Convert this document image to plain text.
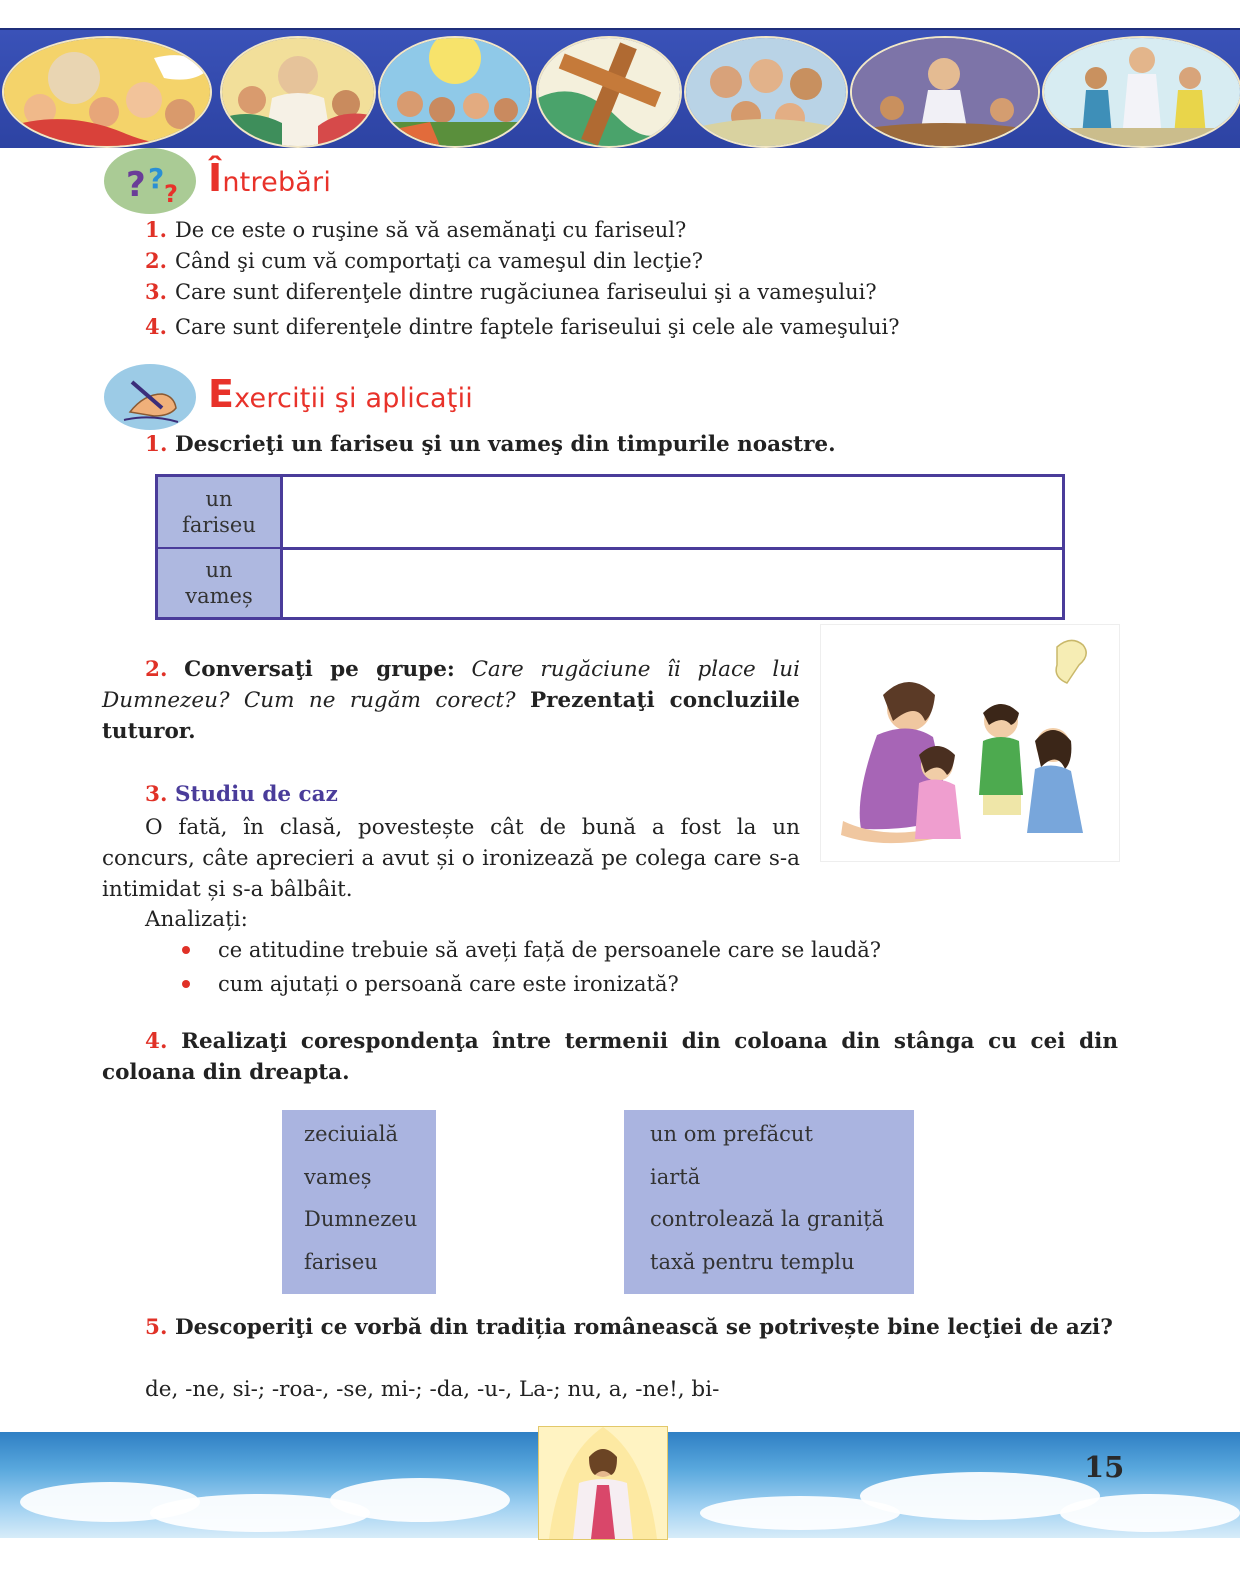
? ? ? Întrebări
1. De ce este o ruşine să vă asemănaţi cu fariseul?
2. Când şi cum vă comportaţi ca vameşul din lecţie?
3. Care sunt diferenţele dintre rugăciunea fariseului şi a vameşului?
4. Care sunt diferenţele dintre faptele fariseului şi cele ale vameşului?
Exerciţii şi aplicaţii
1. Descrieţi un fariseu şi un vameş din timpurile noastre.
un
fariseu
un
vameș
2. Conversaţi pe grupe: Care rugăciune îi place lui Dumnezeu? Cum ne rugăm corect? Prezentaţi concluziile tuturor.
3. Studiu de caz
O fată, în clasă, povestește cât de bună a fost la un concurs, câte aprecieri a avut și o ironizează pe colega care s-a intimidat și s-a bâlbâit.
Analizați:
ce atitudine trebuie să aveți față de persoanele care se laudă?
cum ajutați o persoană care este ironizată?
4. Realizaţi corespondenţa între termenii din coloana din stânga cu cei din coloana din dreapta.
zeciuială
vameș
Dumnezeu
fariseu
un om prefăcut
iartă
controlează la graniță
taxă pentru templu
5. Descoperiţi ce vorbă din tradiția românească se potrivește bine lecţiei de azi?
de, -ne, si-; -roa-, -se, mi-; -da, -u-, La-; nu, a, -ne!, bi-
15
